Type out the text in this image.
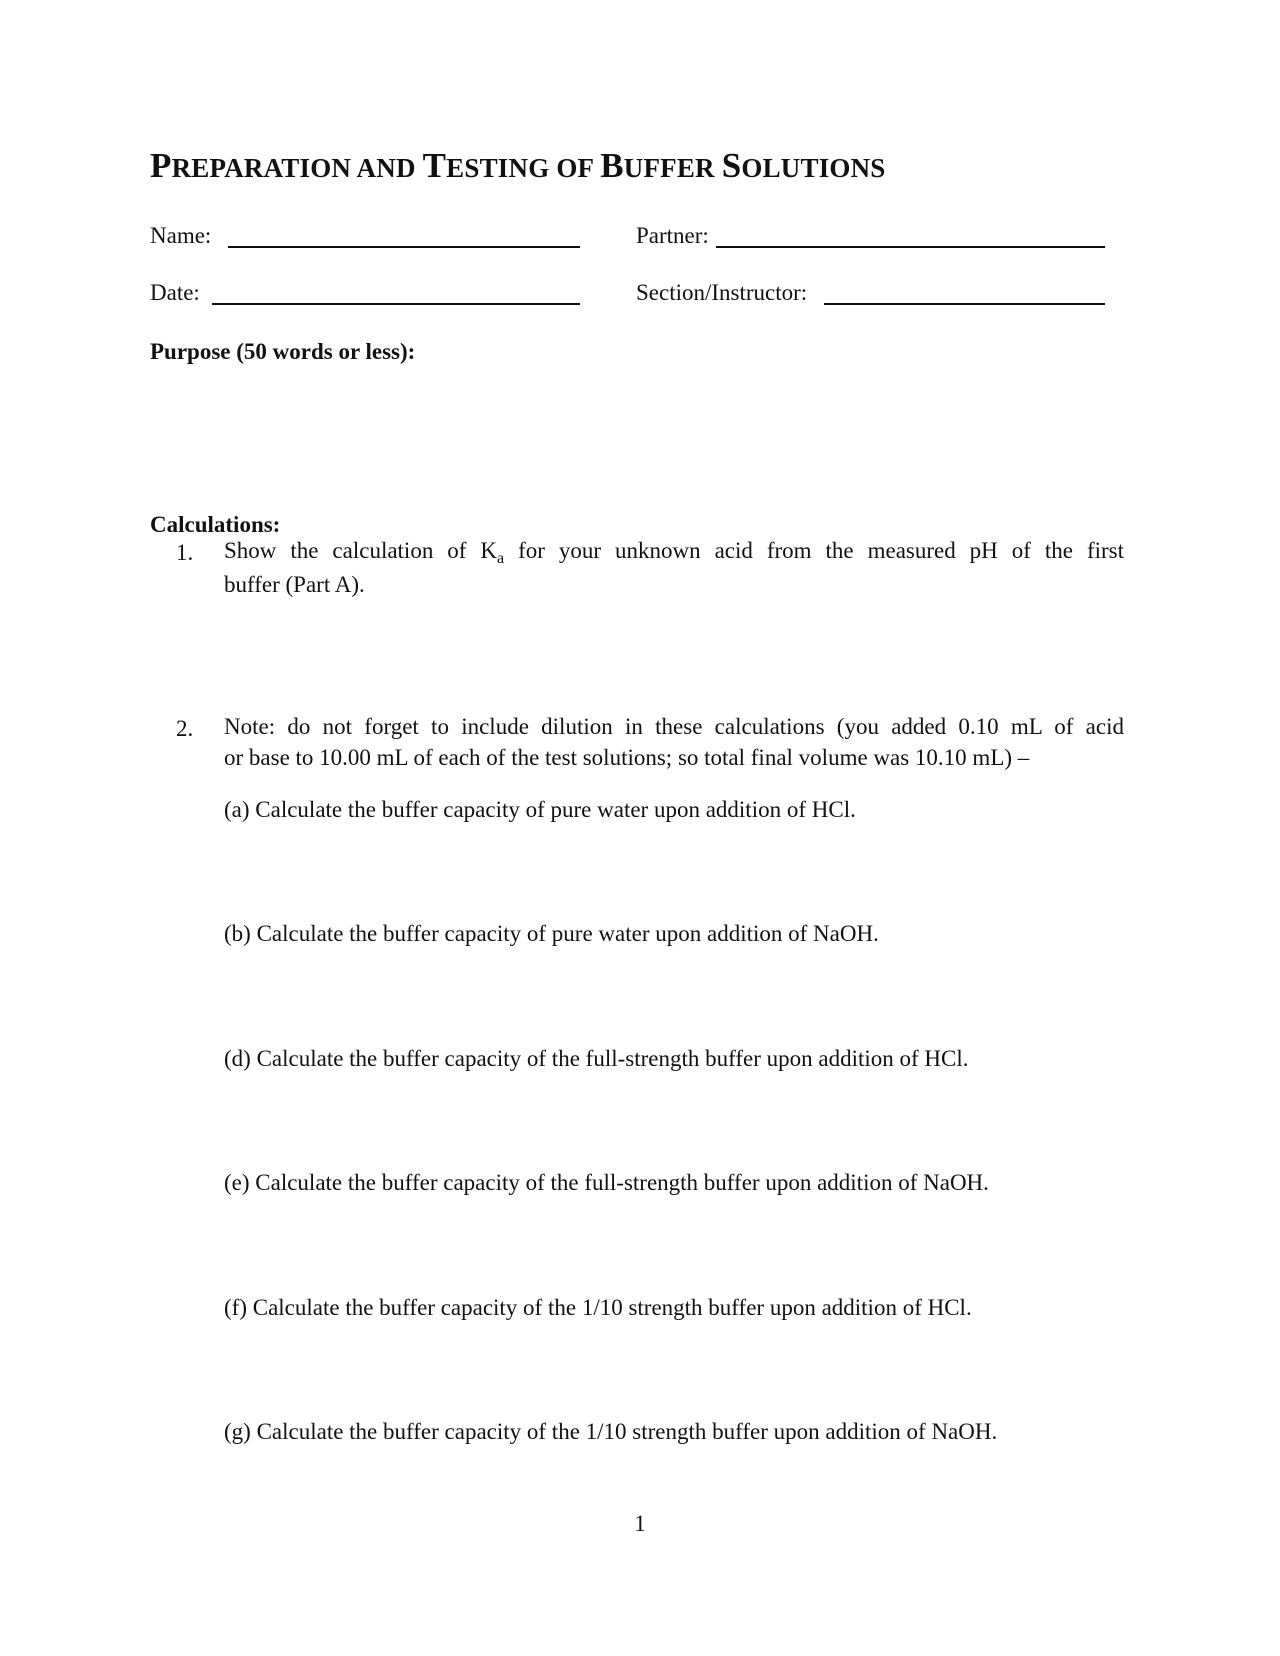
PREPARATION AND TESTING OF BUFFER SOLUTIONS
Name:	Partner:
Date:	Section/Instructor:
Purpose (50 words or less):
Calculations:
1. Show the calculation of $K_a$ for your unknown acid from the measured pH of the first
buffer (Part A).
2. Note: do not forget to include dilution in these calculations (you added 0.10 mL of acid
or base to 10.00 mL of each of the test solutions; so total final volume was 10.10 mL) –
(a) Calculate the buffer capacity of pure water upon addition of HCl.
(b) Calculate the buffer capacity of pure water upon addition of NaOH.
(d) Calculate the buffer capacity of the full-strength buffer upon addition of HCl.
(e) Calculate the buffer capacity of the full-strength buffer upon addition of NaOH.
(f) Calculate the buffer capacity of the 1/10 strength buffer upon addition of HCl.
(g) Calculate the buffer capacity of the 1/10 strength buffer upon addition of NaOH.
1
